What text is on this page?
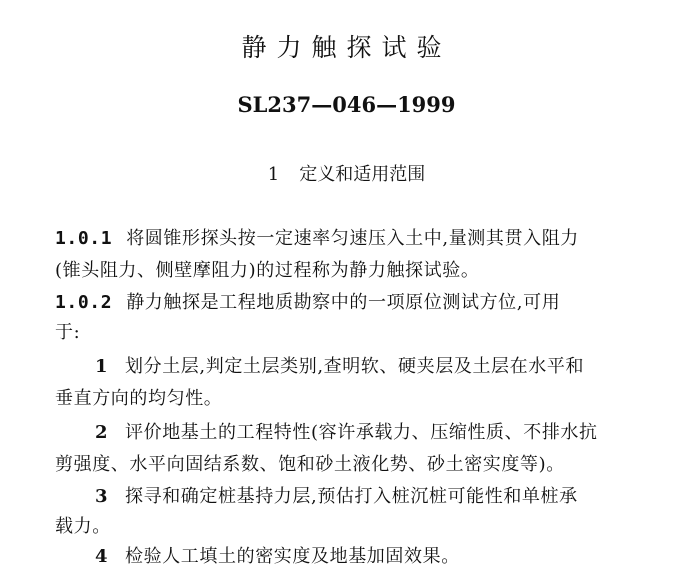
静力触探试验
SL237—046—1999
1 定义和适用范围
1.0.1 将圆锥形探头按一定速率匀速压入土中,量测其贯入阻力
(锥头阻力、侧壁摩阻力)的过程称为静力触探试验。
1.0.2 静力触探是工程地质勘察中的一项原位测试方位,可用
于:
1 划分土层,判定土层类别,查明软、硬夹层及土层在水平和
垂直方向的均匀性。
2 评价地基土的工程特性(容许承载力、压缩性质、不排水抗
剪强度、水平向固结系数、饱和砂土液化势、砂土密实度等)。
3 探寻和确定桩基持力层,预估打入桩沉桩可能性和单桩承
载力。
4 检验人工填土的密实度及地基加固效果。
